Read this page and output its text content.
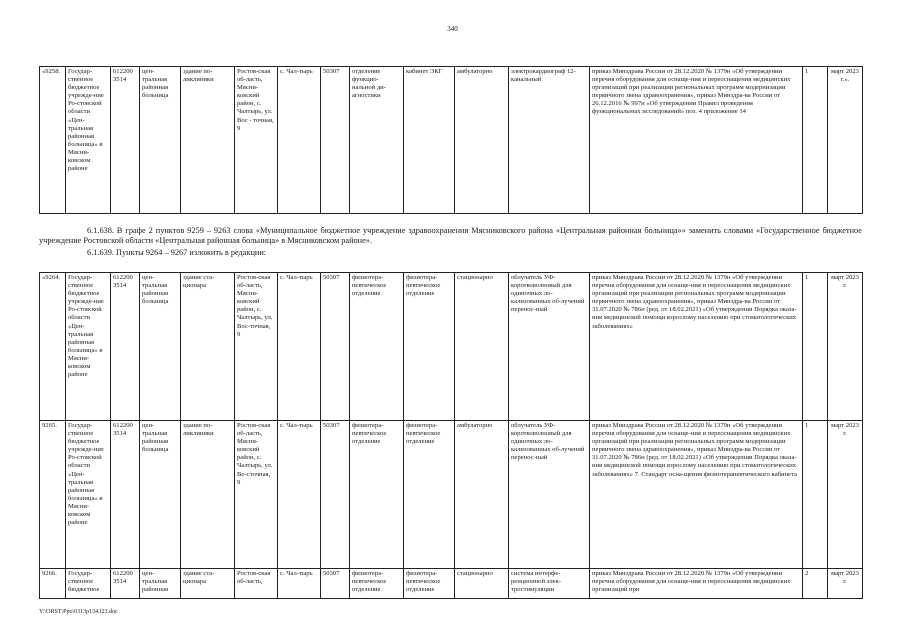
340
«9258.	Государ-ственное бюджетное учрежде-ние Ро-стовской области «Цен-тральная районная больница» в Мясни-ковском районе	612200 3514	цен-тральная районная больница	здание по-ликлиники	Ростов-ская об-ласть, Мясни-ковский район, с. Чалтырь, ул. Вос - точная, 9	с. Чал-тырь	50307	отделение функцио-нальной ди-агностики	кабинет ЭКГ	амбулаторно	электрокардиограф 12-канальный	приказ Минздрава России от 28.12.2020 № 1379н «Об утверждении перечня оборудования для оснаще-ния и переоснащения медицинских организаций при реализации региональных программ модернизации первичного звена здравоохранения», приказ Минздра-ва России от 26.12.2016 № 997н «Об утверждении Правил проведения функциональных исследований» поз. 4 приложение 14	1	март 2023 г.».
6.1.638. В графе 2 пунктов 9259 – 9263 слова «Муниципальное бюджетное учреждение здравоохранения Мясниковского района «Центральная районная больница»» заменить словами «Государственное бюджетное учреждение Ростовской области «Центральная районная больница» в Мясниковском районе».
6.1.639. Пункты 9264 – 9267 изложить в редакции:
«9264.	Государ-ственное бюджетное учрежде-ние Ро-стовской области «Цен-тральная районная больница» в Мясни-ковском районе	612200 3514	цен-тральная районная больница	здание ста-ционара	Ростов-ская об-ласть, Мясни-ковский район, с. Чалтырь, ул. Вос-точная, 9	с. Чал-тырь	50307	физиотера-певтическое отделение	физиотера-певтическое отделение	стационарно	облучатель УФ-коротковолновый для одиночных ло-кализованных об-лучений перенос-ный	приказ Минздрава России от 28.12.2020 № 1379н «Об утверждении перечня оборудования для оснаще-ния и переоснащения медицинских организаций при реализации региональных программ модернизации первичного звена здравоохранения», приказ Минздра-ва России от 31.07.2020 № 786н (ред. от 18.02.2021) «Об утверждении Порядка оказа-ния медицинской помощи взрослому населению при стоматологических заболеваниях»	1	март 2023 г.
9265.	Государ-ственное бюджетное учрежде-ние Ро-стовской области «Цен-тральная районная больница» в Мясни-ковском районе	612200 3514	цен-тральная районная больница	здание по-ликлиники	Ростов-ская об-ласть, Мясни-ковский район, с. Чалтырь, ул. Во-сточная, 9	с. Чал-тырь	50307	физиотера-певтическое отделение	физиотера-певтическое отделение	амбулаторно	облучатель УФ-коротковолновый для одиночных ло-кализованных об-лучений перенос-ный	приказ Минздрава России от 28.12.2020 № 1379н «Об утверждении перечня оборудования для оснаще-ния и переоснащения медицинских организаций при реализации региональных программ модернизации первичного звена здравоохранения», приказ Минздра-ва России от 31.07.2020 № 786н (ред. от 18.02.2021) «Об утверждении Порядка оказа-ния медицинской помощи взрослому населению при стоматологических заболеваниях» 7. Стандарт осна-щения физиотерапевтического кабинета	1	март 2023 г.
9266.	Государ-ственное бюджетное	612200 3514	цен-тральная районная	здание ста-ционара	Ростов-ская об-ласть,	с. Чал-тырь	50307	физиотера-певтическое отделение	физиотера-певтическое отделение	стационарно	система интерфе-ренционной элек-тростимуляции	приказ Минздрава России от 28.12.2020 № 1379н «Об утверждении перечня оборудования для оснаще-ния и переоснащения медицинских организаций при	2	март 2023 г.
Y:\ORST\Ppo\0313p134.f23.doc
